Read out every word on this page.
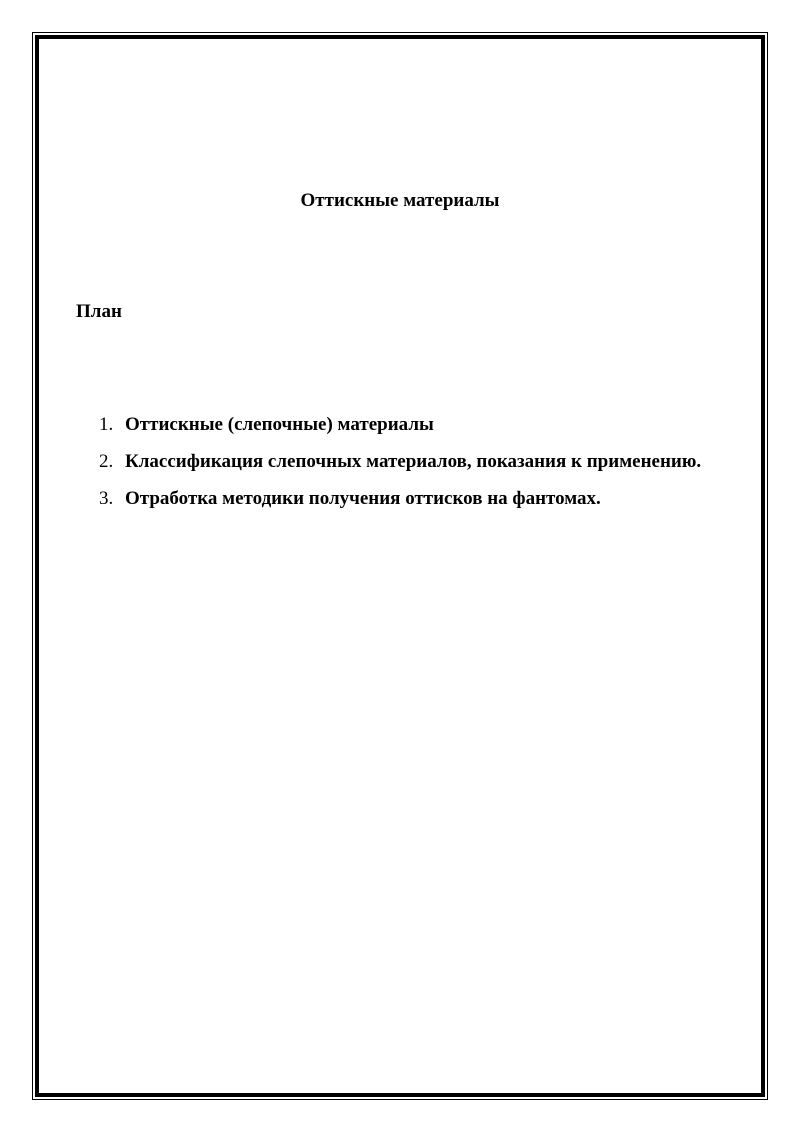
Оттискные материалы
План
1. Оттискные (слепочные) материалы
2. Классификация слепочных материалов, показания к применению.
3. Отработка методики получения оттисков на фантомах.
